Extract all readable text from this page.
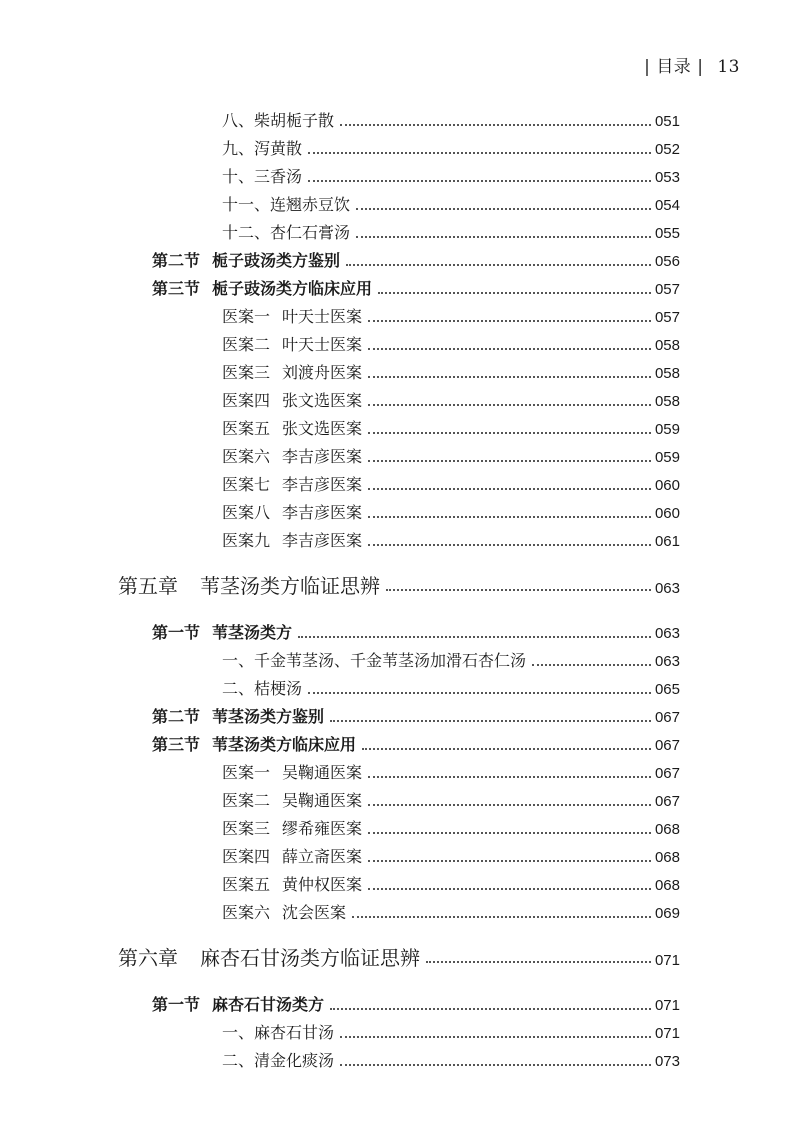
| 目录 | 13
八、柴胡栀子散	051
九、泻黄散	052
十、三香汤	053
十一、连翘赤豆饮	054
十二、杏仁石膏汤	055
第二节 栀子豉汤类方鉴别	056
第三节 栀子豉汤类方临床应用	057
医案一 叶天士医案	057
医案二 叶天士医案	058
医案三 刘渡舟医案	058
医案四 张文选医案	058
医案五 张文选医案	059
医案六 李吉彦医案	059
医案七 李吉彦医案	060
医案八 李吉彦医案	060
医案九 李吉彦医案	061
第五章 苇茎汤类方临证思辨	063
第一节 苇茎汤类方	063
一、千金苇茎汤、千金苇茎汤加滑石杏仁汤	063
二、桔梗汤	065
第二节 苇茎汤类方鉴别	067
第三节 苇茎汤类方临床应用	067
医案一 吴鞠通医案	067
医案二 吴鞠通医案	067
医案三 缪希雍医案	068
医案四 薛立斋医案	068
医案五 黄仲权医案	068
医案六 沈会医案	069
第六章 麻杏石甘汤类方临证思辨	071
第一节 麻杏石甘汤类方	071
一、麻杏石甘汤	071
二、清金化痰汤	073
